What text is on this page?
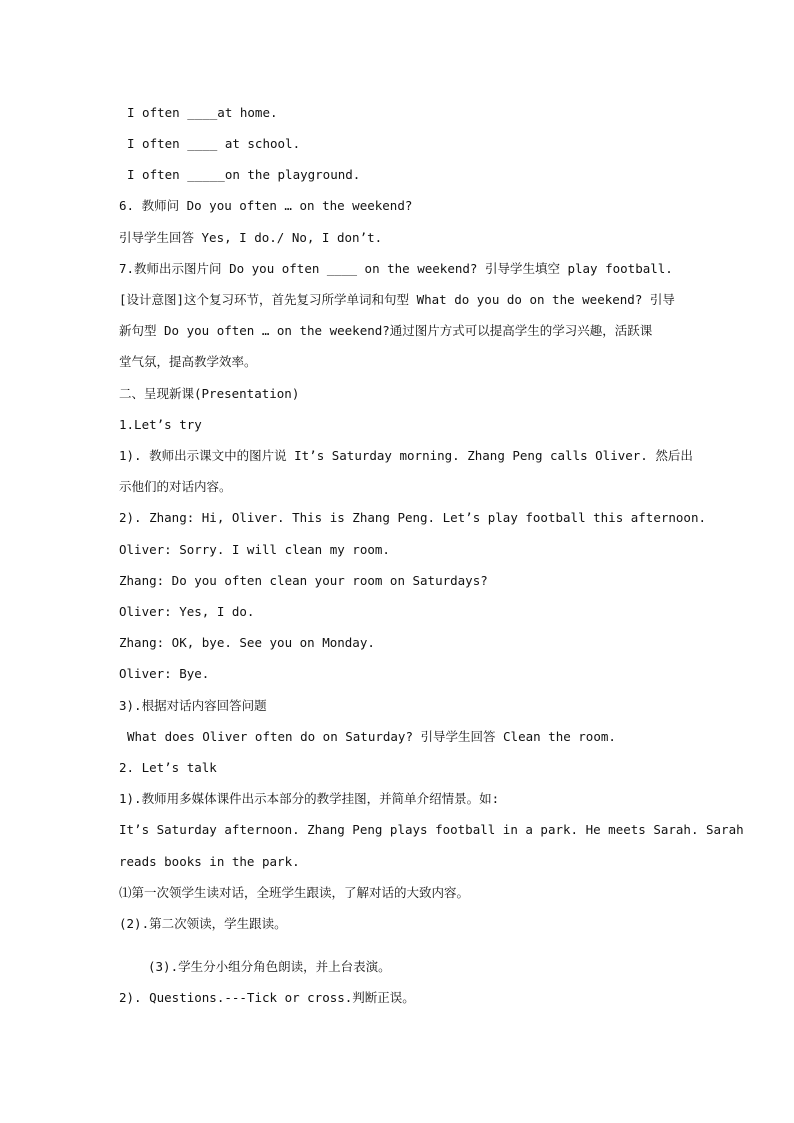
I often ____at home.
I often ____ at school.
I often _____on the playground.
6. 教师问 Do you often … on the weekend?
引导学生回答 Yes, I do./ No, I don’t.
7.教师出示图片问 Do you often ____ on the weekend? 引导学生填空 play football.
[设计意图]这个复习环节，首先复习所学单词和句型 What do you do on the weekend? 引导
新句型 Do you often … on the weekend?通过图片方式可以提高学生的学习兴趣，活跃课
堂气氛，提高教学效率。
二、呈现新课(Presentation)
1.Let’s try
1). 教师出示课文中的图片说 It’s Saturday morning. Zhang Peng calls Oliver. 然后出
示他们的对话内容。
2). Zhang: Hi, Oliver. This is Zhang Peng. Let’s play football this afternoon.
Oliver: Sorry. I will clean my room.
Zhang: Do you often clean your room on Saturdays?
Oliver: Yes, I do.
Zhang: OK, bye. See you on Monday.
Oliver: Bye.
3).根据对话内容回答问题
What does Oliver often do on Saturday? 引导学生回答 Clean the room.
2. Let’s talk
1).教师用多媒体课件出示本部分的教学挂图，并简单介绍情景。如:
It’s Saturday afternoon. Zhang Peng plays football in a park. He meets Sarah. Sarah
reads books in the park.
⑴第一次领学生读对话，全班学生跟读，了解对话的大致内容。
(2).第二次领读，学生跟读。
(3).学生分小组分角色朗读，并上台表演。
2). Questions.---Tick or cross.判断正误。
